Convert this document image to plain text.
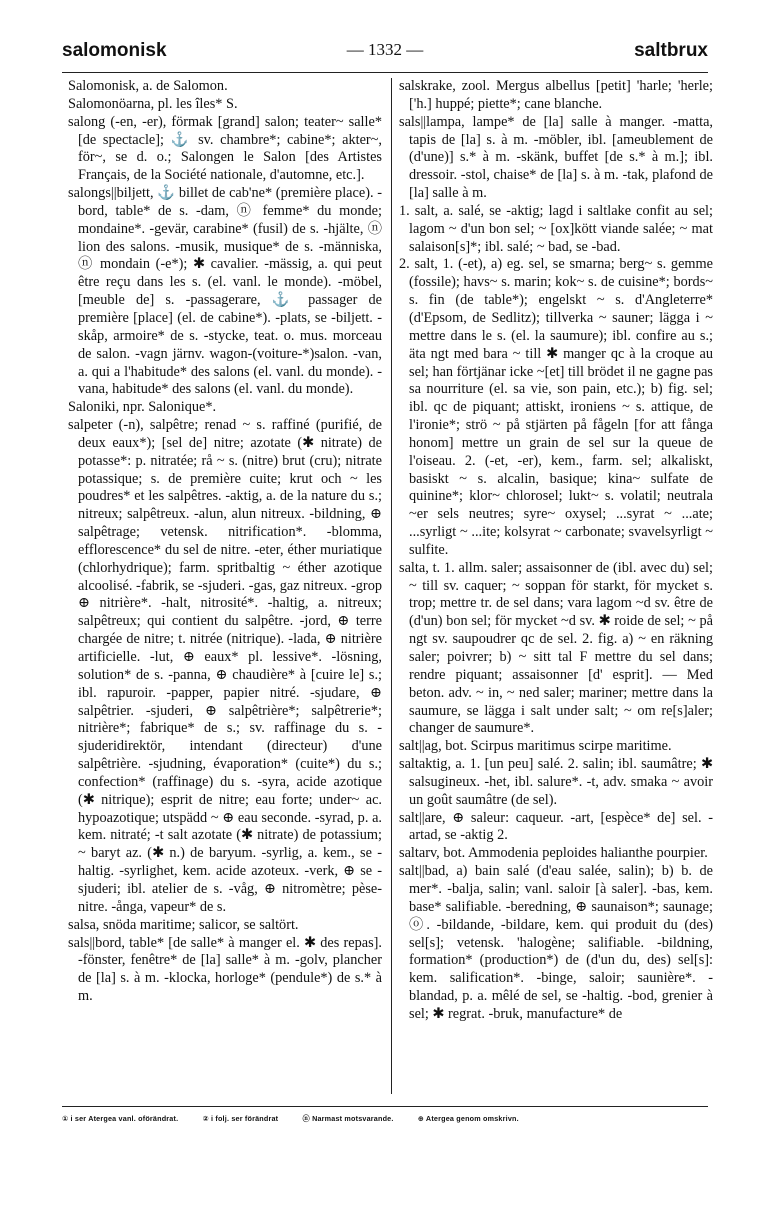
salomonisk	— 1332 —	saltbrux

Salomonisk, a. de Salomon.

Salomonöarna, pl. les îles* S.

salong (-en, -er), förmak [grand] salon; teater~ salle* [de spectacle]; ⚓ sv. chambre*; cabine*; akter~, för~, se d. o.; Salongen le Salon [des Artistes Français, de la Société nationale, d'automne, etc.].

salongs||biljett, ⚓ billet de cab'ne* (première place). -bord, table* de s. -dam, ⓝ femme* du monde; mondaine*. -gevär, carabine* (fusil) de s. -hjälte, ⓝ lion des salons. -musik, musique* de s. -människa, ⓝ mondain (-e*); ✱ cavalier. -mässig, a. qui peut être reçu dans les s. (el. vanl. le monde). -möbel, [meuble de] s. -passagerare, ⚓ passager de première [place] (el. de cabine*). -plats, se -biljett. -skåp, armoire* de s. -stycke, teat. o. mus. morceau de salon. -vagn järnv. wagon-(voiture-*)salon. -van, a. qui a l'habitude* des salons (el. vanl. du monde). -vana, habitude* des salons (el. vanl. du monde).

Saloniki, npr. Salonique*.

salpeter (-n), salpêtre; renad ~ s. raffiné (purifié, de deux eaux*); [sel de] nitre; azotate (✱ nitrate) de potasse*: p. nitratée; rå ~ s. (nitre) brut (cru); nitrate potassique; s. de première cuite; krut och ~ les poudres* et les salpêtres. -aktig, a. de la nature du s.; nitreux; salpêtreux. -alun, alun nitreux. -bildning, ⊕ salpêtrage; vetensk. nitrification*. -blomma, efflorescence* du sel de nitre. -eter, éther muriatique (chlorhydrique); farm. spritbaltig ~ éther azotique alcoolisé. -fabrik, se -sjuderi. -gas, gaz nitreux. -grop ⊕ nitrière*. -halt, nitrosité*. -haltig, a. nitreux; salpêtreux; qui contient du salpêtre. -jord, ⊕ terre chargée de nitre; t. nitrée (nitrique). -lada, ⊕ nitrière artificielle. -lut, ⊕ eaux* pl. lessive*. -lösning, solution* de s. -panna, ⊕ chaudière* à [cuire le] s.; ibl. rapuroir. -papper, papier nitré. -sjudare, ⊕ salpêtrier. -sjuderi, ⊕ salpêtrière*; salpêtrerie*; nitrière*; fabrique* de s.; sv. raffinage du s. -sjuderidirektör, intendant (directeur) d'une salpêtrière. -sjudning, évaporation* (cuite*) du s.; confection* (raffinage) du s. -syra, acide azotique (✱ nitrique); esprit de nitre; eau forte; under~ ac. hypoazotique; utspädd ~ ⊕ eau seconde. -syrad, p. a. kem. nitraté; -t salt azotate (✱ nitrate) de potassium; ~ baryt az. (✱ n.) de baryum. -syrlig, a. kem., se -haltig. -syrlighet, kem. acide azoteux. -verk, ⊕ se -sjuderi; ibl. atelier de s. -våg, ⊕ nitromètre; pèse-nitre. -ånga, vapeur* de s.

salsa, snöda maritime; salicor, se saltört.

sals||bord, table* [de salle* à manger el. ✱ des repas]. -fönster, fenêtre* de [la] salle* à m. -golv, plancher de [la] s. à m. -klocka, horloge* (pendule*) de s.* à m.

salskrake, zool. Mergus albellus [petit] 'harle; 'herle; ['h.] huppé; piette*; cane blanche.

sals||lampa, lampe* de [la] salle à manger. -matta, tapis de [la] s. à m. -möbler, ibl. [ameublement de (d'une)] s.* à m. -skänk, buffet [de s.* à m.]; ibl. dressoir. -stol, chaise* de [la] s. à m. -tak, plafond de [la] salle à m.

1. salt, a. salé, se -aktig; lagd i saltlake confit au sel; lagom ~ d'un bon sel; ~ [ox]kött viande salée; ~ mat salaison[s]*; ibl. salé; ~ bad, se -bad.

2. salt, 1. (-et), a) eg. sel, se smarna; berg~ s. gemme (fossile); havs~ s. marin; kok~ s. de cuisine*; bords~ s. fin (de table*); engelskt ~ s. d'Angleterre* (d'Epsom, de Sedlitz); tillverka ~ sauner; lägga i ~ mettre dans le s. (el. la saumure); ibl. confire au s.; äta ngt med bara ~ till ✱ manger qc à la croque au sel; han förtjänar icke ~[et] till brödet il ne gagne pas sa nourriture (el. sa vie, son pain, etc.); b) fig. sel; ibl. qc de piquant; attiskt, ironiens ~ s. attique, de l'ironie*; strö ~ på stjärten på fågeln [for att fånga honom] mettre un grain de sel sur la queue de l'oiseau. 2. (-et, -er), kem., farm. sel; alkaliskt, basiskt ~ s. alcalin, basique; kina~ sulfate de quinine*; klor~ chlorosel; lukt~ s. volatil; neutrala ~er sels neutres; syre~ oxysel; ...syrat ~ ...ate; ...syrligt ~ ...ite; kolsyrat ~ carbonate; svavelsyrligt ~ sulfite.

salta, t. 1. allm. saler; assaisonner de (ibl. avec du) sel; ~ till sv. caquer; ~ soppan för starkt, för mycket s. trop; mettre tr. de sel dans; vara lagom ~d sv. être de (d'un) bon sel; för mycket ~d sv. ✱ roide de sel; ~ på ngt sv. saupoudrer qc de sel. 2. fig. a) ~ en räkning saler; poivrer; b) ~ sitt tal F mettre du sel dans; rendre piquant; assaisonner [d' esprit]. — Med beton. adv. ~ in, ~ ned saler; mariner; mettre dans la saumure, se lägga i salt under salt; ~ om re[s]aler; changer de saumure*.

salt||ag, bot. Scirpus maritimus scirpe maritime.

saltaktig, a. 1. [un peu] salé. 2. salin; ibl. saumâtre; ✱ salsugineux. -het, ibl. salure*. -t, adv. smaka ~ avoir un goût saumâtre (de sel).

salt||are, ⊕ saleur: caqueur. -art, [espèce* de] sel. -artad, se -aktig 2.

saltarv, bot. Ammodenia peploides halianthe pourpier.

salt||bad, a) bain salé (d'eau salée, salin); b) b. de mer*. -balja, salin; vanl. saloir [à saler]. -bas, kem. base* salifiable. -beredning, ⊕ saunaison*; saunage; ⓞ. -bildande, -bildare, kem. qui produit du (des) sel[s]; vetensk. 'halogène; salifiable. -bildning, formation* (production*) de (d'un du, des) sel[s]: kem. salification*. -binge, saloir; saunière*. -blandad, p. a. mêlé de sel, se -haltig. -bod, grenier à sel; ✱ regrat. -bruk, manufacture* de

① i ser Atergea vanl. oförändrat.	② i folj. ser förändrat	ⓝ Narmast motsvarande.	⊕ Atergea genom omskrivn.
